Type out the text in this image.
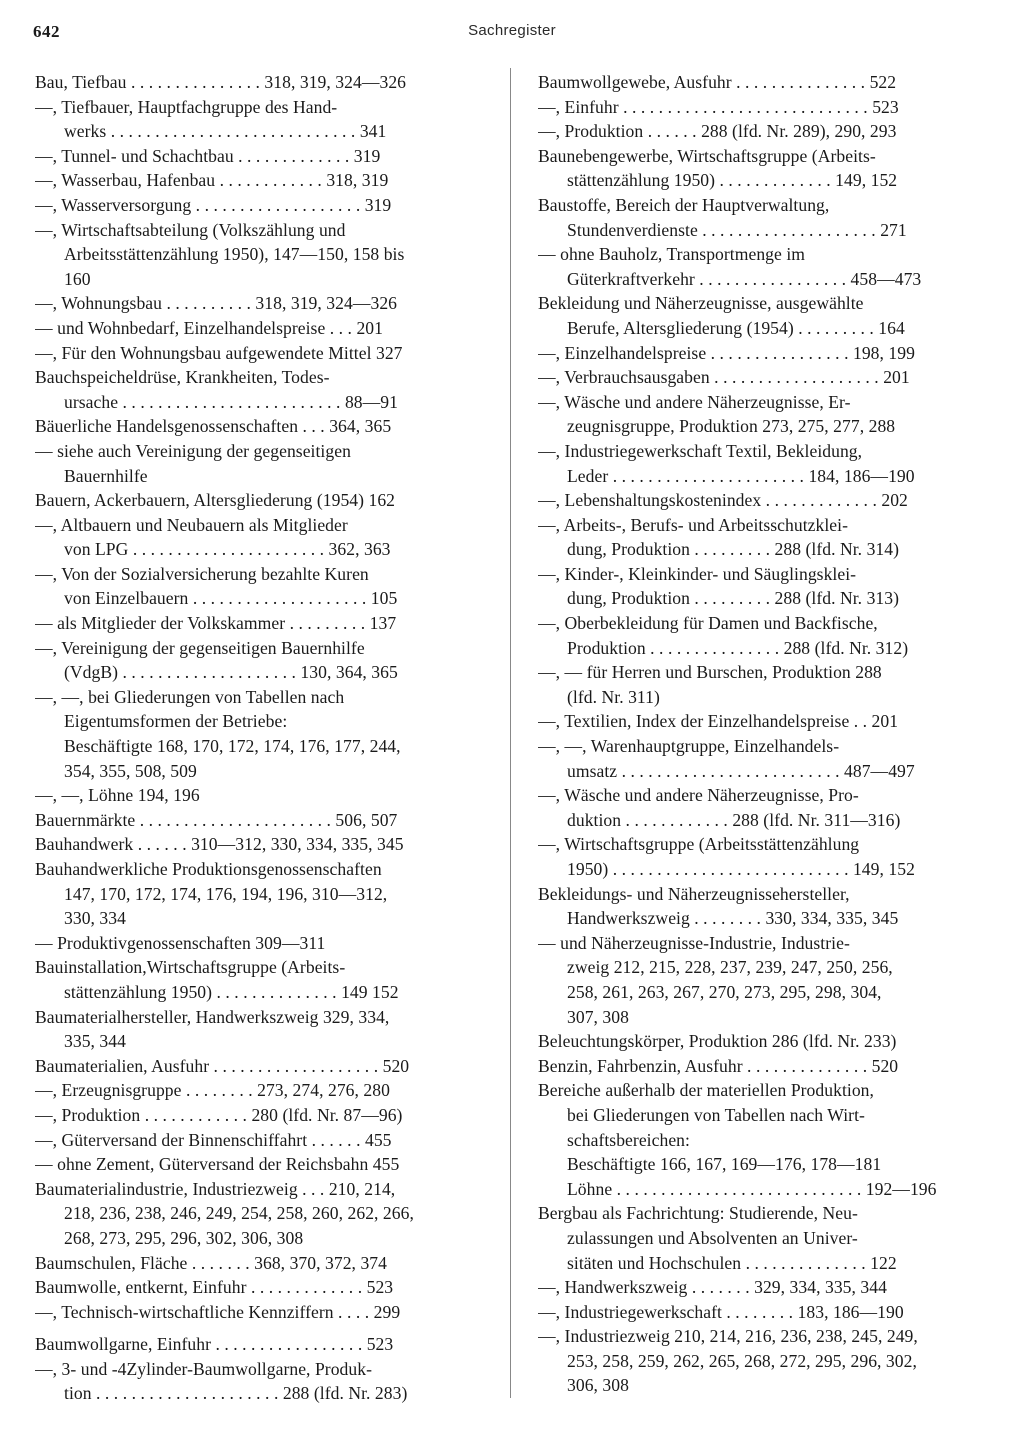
642	Sachregister
Bau, Tiefbau . . . . . . . . . . . . . . . 318, 319, 324—326
—, Tiefbauer, Hauptfachgruppe des Hand-
werks . . . . . . . . . . . . . . . . . . . . . . . . . . . . 341
—, Tunnel- und Schachtbau . . . . . . . . . . . . . 319
—, Wasserbau, Hafenbau . . . . . . . . . . . . 318, 319
—, Wasserversorgung . . . . . . . . . . . . . . . . . . . 319
—, Wirtschaftsabteilung (Volkszählung und
Arbeitsstättenzählung 1950), 147—150, 158 bis
160
—, Wohnungsbau . . . . . . . . . . 318, 319, 324—326
— und Wohnbedarf, Einzelhandelspreise . . . 201
—, Für den Wohnungsbau aufgewendete Mittel 327
Bauchspeicheldrüse, Krankheiten, Todes-
ursache . . . . . . . . . . . . . . . . . . . . . . . . . 88—91
Bäuerliche Handelsgenossenschaften . . . 364, 365
— siehe auch Vereinigung der gegenseitigen
Bauernhilfe
Bauern, Ackerbauern, Altersgliederung (1954) 162
—, Altbauern und Neubauern als Mitglieder
von LPG . . . . . . . . . . . . . . . . . . . . . . 362, 363
—, Von der Sozialversicherung bezahlte Kuren
von Einzelbauern . . . . . . . . . . . . . . . . . . . . 105
— als Mitglieder der Volkskammer . . . . . . . . . 137
—, Vereinigung der gegenseitigen Bauernhilfe
(VdgB) . . . . . . . . . . . . . . . . . . . . 130, 364, 365
—, —, bei Gliederungen von Tabellen nach
Eigentumsformen der Betriebe:
Beschäftigte 168, 170, 172, 174, 176, 177, 244,
354, 355, 508, 509
—, —, Löhne 194, 196
Bauernmärkte . . . . . . . . . . . . . . . . . . . . . . 506, 507
Bauhandwerk . . . . . . 310—312, 330, 334, 335, 345
Bauhandwerkliche Produktionsgenossenschaften
147, 170, 172, 174, 176, 194, 196, 310—312,
330, 334
— Produktivgenossenschaften 309—311
Bauinstallation,Wirtschaftsgruppe (Arbeits-
stättenzählung 1950) . . . . . . . . . . . . . . 149 152
Baumaterialhersteller, Handwerkszweig 329, 334,
335, 344
Baumaterialien, Ausfuhr . . . . . . . . . . . . . . . . . . . 520
—, Erzeugnisgruppe . . . . . . . . 273, 274, 276, 280
—, Produktion . . . . . . . . . . . . 280 (lfd. Nr. 87—96)
—, Güterversand der Binnenschiffahrt . . . . . . 455
— ohne Zement, Güterversand der Reichsbahn 455
Baumaterialindustrie, Industriezweig . . . 210, 214,
218, 236, 238, 246, 249, 254, 258, 260, 262, 266,
268, 273, 295, 296, 302, 306, 308
Baumschulen, Fläche . . . . . . . 368, 370, 372, 374
Baumwolle, entkernt, Einfuhr . . . . . . . . . . . . . 523
—, Technisch-wirtschaftliche Kennziffern . . . . 299
Baumwollgarne, Einfuhr . . . . . . . . . . . . . . . . . 523
—, 3- und -4Zylinder-Baumwollgarne, Produk-
tion . . . . . . . . . . . . . . . . . . . . . 288 (lfd. Nr. 283)
Baumwollgewebe, Ausfuhr . . . . . . . . . . . . . . . 522
—, Einfuhr . . . . . . . . . . . . . . . . . . . . . . . . . . . . 523
—, Produktion . . . . . . 288 (lfd. Nr. 289), 290, 293
Baunebengewerbe, Wirtschaftsgruppe (Arbeits-
stättenzählung 1950) . . . . . . . . . . . . . 149, 152
Baustoffe, Bereich der Hauptverwaltung,
Stundenverdienste . . . . . . . . . . . . . . . . . . . . 271
— ohne Bauholz, Transportmenge im
Güterkraftverkehr . . . . . . . . . . . . . . . . . 458—473
Bekleidung und Näherzeugnisse, ausgewählte
Berufe, Altersgliederung (1954) . . . . . . . . . 164
—, Einzelhandelspreise . . . . . . . . . . . . . . . . 198, 199
—, Verbrauchsausgaben . . . . . . . . . . . . . . . . . . . 201
—, Wäsche und andere Näherzeugnisse, Er-
zeugnisgruppe, Produktion 273, 275, 277, 288
—, Industriegewerkschaft Textil, Bekleidung,
Leder . . . . . . . . . . . . . . . . . . . . . . 184, 186—190
—, Lebenshaltungskostenindex . . . . . . . . . . . . . 202
—, Arbeits-, Berufs- und Arbeitsschutzklei-
dung, Produktion . . . . . . . . . 288 (lfd. Nr. 314)
—, Kinder-, Kleinkinder- und Säuglingsklei-
dung, Produktion . . . . . . . . . 288 (lfd. Nr. 313)
—, Oberbekleidung für Damen und Backfische,
Produktion . . . . . . . . . . . . . . . 288 (lfd. Nr. 312)
—, — für Herren und Burschen, Produktion 288
(lfd. Nr. 311)
—, Textilien, Index der Einzelhandelspreise . . 201
—, —, Warenhauptgruppe, Einzelhandels-
umsatz . . . . . . . . . . . . . . . . . . . . . . . . . 487—497
—, Wäsche und andere Näherzeugnisse, Pro-
duktion . . . . . . . . . . . . 288 (lfd. Nr. 311—316)
—, Wirtschaftsgruppe (Arbeitsstättenzählung
1950) . . . . . . . . . . . . . . . . . . . . . . . . . . . 149, 152
Bekleidungs- und Näherzeugnissehersteller,
Handwerkszweig . . . . . . . . 330, 334, 335, 345
— und Näherzeugnisse-Industrie, Industrie-
zweig 212, 215, 228, 237, 239, 247, 250, 256,
258, 261, 263, 267, 270, 273, 295, 298, 304,
307, 308
Beleuchtungskörper, Produktion 286 (lfd. Nr. 233)
Benzin, Fahrbenzin, Ausfuhr . . . . . . . . . . . . . . 520
Bereiche außerhalb der materiellen Produktion,
bei Gliederungen von Tabellen nach Wirt-
schaftsbereichen:
Beschäftigte 166, 167, 169—176, 178—181
Löhne . . . . . . . . . . . . . . . . . . . . . . . . . . . . 192—196
Bergbau als Fachrichtung: Studierende, Neu-
zulassungen und Absolventen an Univer-
sitäten und Hochschulen . . . . . . . . . . . . . . 122
—, Handwerkszweig . . . . . . . 329, 334, 335, 344
—, Industriegewerkschaft . . . . . . . . 183, 186—190
—, Industriezweig 210, 214, 216, 236, 238, 245, 249,
253, 258, 259, 262, 265, 268, 272, 295, 296, 302,
306, 308
